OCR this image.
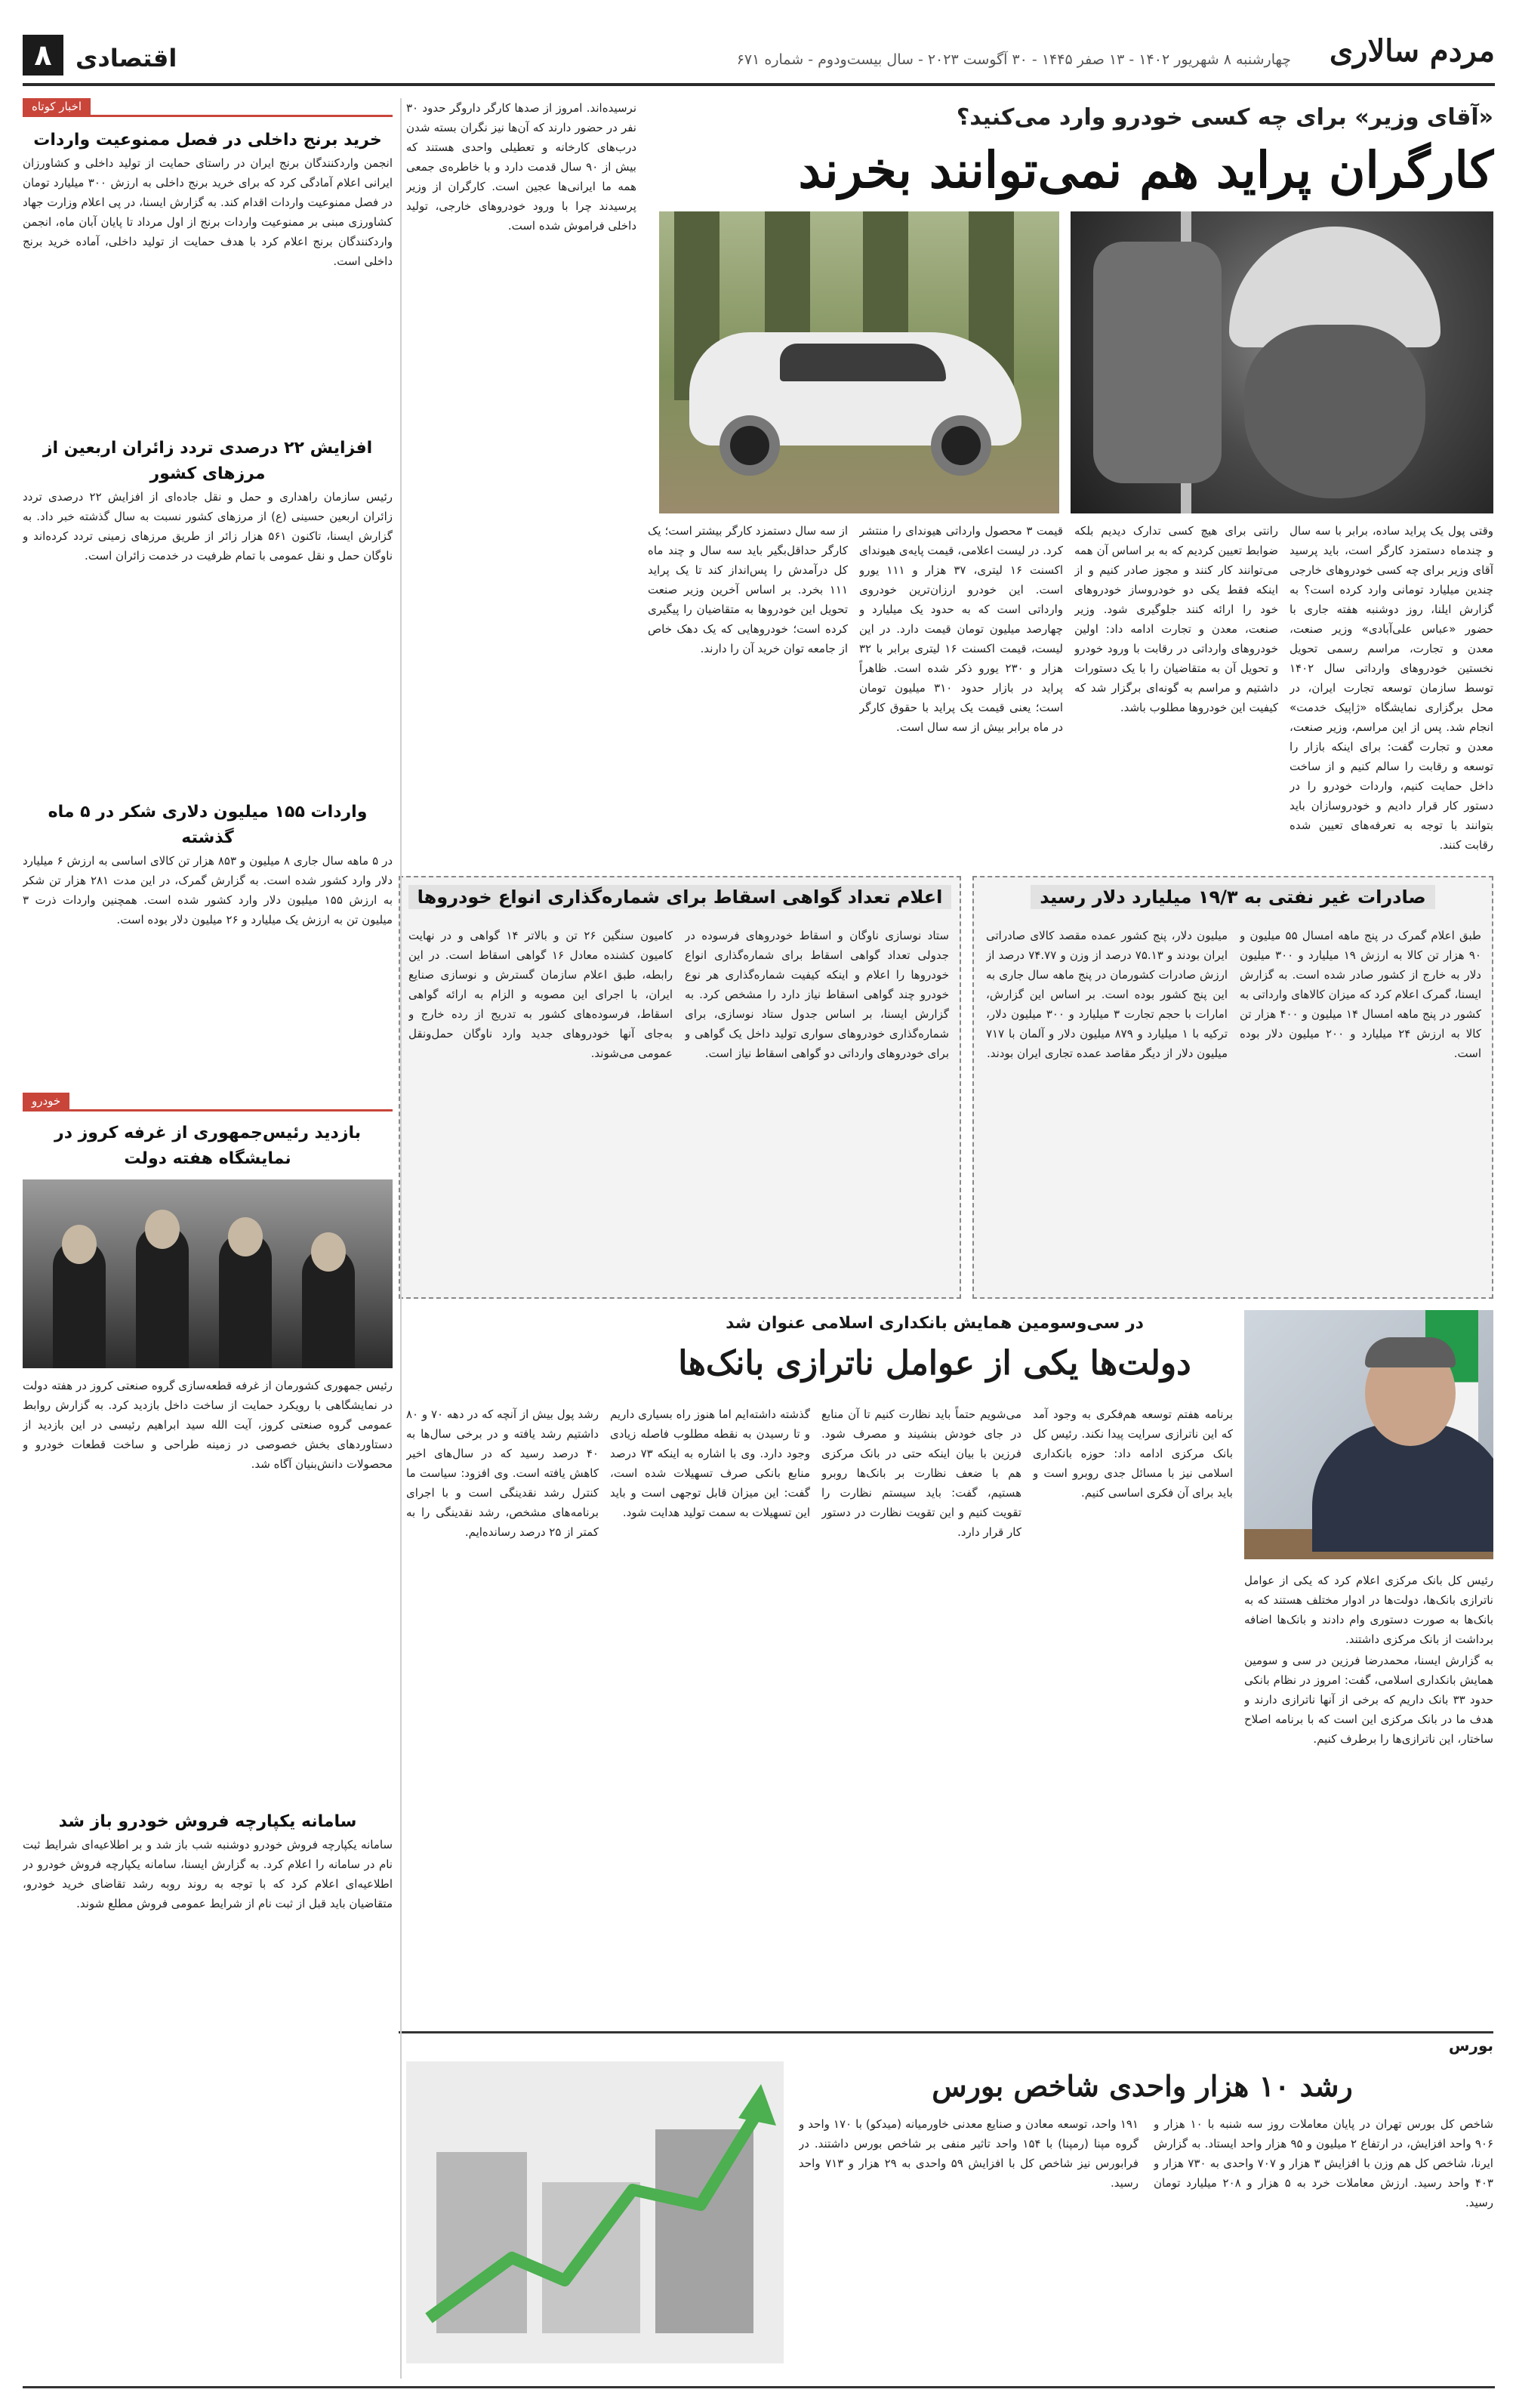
مردم سالاری
چهارشنبه ۸ شهریور ۱۴۰۲ - ۱۳ صفر ۱۴۴۵ - ۳۰ آگوست ۲۰۲۳ - سال بیست‌ودوم - شماره ۶۷۱
اقتصادی
۸
«آقای وزیر» برای چه کسی خودرو وارد می‌کنید؟
کارگران پراید هم نمی‌توانند بخرند

وقتی پول یک پراید ساده، برابر با سه سال و چندماه دستمزد کارگر است، باید پرسید آقای وزیر برای چه کسی خودروهای خارجی چندین میلیارد تومانی وارد کرده است؟ به گزارش ایلنا، روز دوشنبه هفته جاری با حضور «عباس علی‌آبادی» وزیر صنعت، معدن و تجارت، مراسم رسمی تحویل نخستین خودروهای وارداتی سال ۱۴۰۲ توسط سازمان توسعه تجارت ایران، در محل برگزاری نمایشگاه «ژاپیک خدمت» انجام شد. پس از این مراسم، وزیر صنعت، معدن و تجارت گفت: برای اینکه بازار را توسعه و رقابت را سالم کنیم و از ساخت داخل حمایت کنیم، واردات خودرو را در دستور کار قرار دادیم و خودروسازان باید بتوانند با توجه به تعرفه‌های تعیین شده رقابت کنند.

رانتی برای هیچ کسی تدارک دیدیم بلکه ضوابط تعیین کردیم که به بر اساس آن همه می‌توانند کار کنند و مجوز صادر کنیم و از اینکه فقط یکی دو خودروساز خودروهای خود را ارائه کنند جلوگیری شود. وزیر صنعت، معدن و تجارت ادامه داد: اولین خودروهای وارداتی در رقابت با ورود خودرو و تحویل آن به متقاضیان را با یک دستورات داشتیم و مراسم به گونه‌ای برگزار شد که کیفیت این خودروها مطلوب باشد.

قیمت ۳ محصول وارداتی هیوندای را منتشر کرد. در لیست اعلامی، قیمت پایه‌ی هیوندای اکسنت ۱۶ لیتری، ۳۷ هزار و ۱۱۱ یورو است. این خودرو ارزان‌ترین خودروی وارداتی است که به حدود یک میلیارد و چهارصد میلیون تومان قیمت دارد. در این لیست، قیمت اکسنت ۱۶ لیتری برابر با ۳۲ هزار و ۲۳۰ یورو ذکر شده است. ظاهراً پراید در بازار حدود ۳۱۰ میلیون تومان است؛ یعنی قیمت یک پراید با حقوق کارگر در ماه برابر بیش از سه سال است.

از سه سال دستمزد کارگر بیشتر است؛ یک کارگر حداقل‌بگیر باید سه سال و چند ماه کل درآمدش را پس‌انداز کند تا یک پراید ۱۱۱ بخرد. بر اساس آخرین وزیر صنعت تحویل این خودروها به متقاضیان را پیگیری کرده است؛ خودروهایی که یک دهک خاص از جامعه توان خرید آن را دارند.

نرسیده‌اند. امروز از صدها کارگر داروگر حدود ۳۰ نفر در حضور دارند که آن‌ها نیز نگران بسته شدن درب‌های کارخانه و تعطیلی واحدی هستند که بیش از ۹۰ سال قدمت دارد و با خاطره‌ی جمعی همه ما ایرانی‌ها عجین است. کارگران از وزیر پرسیدند چرا با ورود خودروهای خارجی، تولید داخلی فراموش شده است.

صادرات غیر نفتی به ۱۹/۳ میلیارد دلار رسید

طبق اعلام گمرک در پنج ماهه امسال ۵۵ میلیون و ۹۰ هزار تن کالا به ارزش ۱۹ میلیارد و ۳۰۰ میلیون دلار به خارج از کشور صادر شده است. به گزارش ایسنا، گمرک اعلام کرد که میزان کالاهای وارداتی به کشور در پنج ماهه امسال ۱۴ میلیون و ۴۰۰ هزار تن کالا به ارزش ۲۴ میلیارد و ۲۰۰ میلیون دلار بوده است.

میلیون دلار، پنج کشور عمده مقصد کالای صادراتی ایران بودند و ۷۵.۱۳ درصد از وزن و ۷۴.۷۷ درصد از ارزش صادرات کشورمان در پنج ماهه سال جاری به این پنج کشور بوده است. بر اساس این گزارش، امارات با حجم تجارت ۳ میلیارد و ۳۰۰ میلیون دلار، ترکیه با ۱ میلیارد و ۸۷۹ میلیون دلار و آلمان با ۷۱۷ میلیون دلار از دیگر مقاصد عمده تجاری ایران بودند.

اعلام تعداد گواهی اسقاط برای شماره‌گذاری انواع خودروها

ستاد نوسازی ناوگان و اسقاط خودروهای فرسوده در جدولی تعداد گواهی اسقاط برای شماره‌گذاری انواع خودروها را اعلام و اینکه کیفیت شماره‌گذاری هر نوع خودرو چند گواهی اسقاط نیاز دارد را مشخص کرد. به گزارش ایسنا، بر اساس جدول ستاد نوسازی، برای شماره‌گذاری خودروهای سواری تولید داخل یک گواهی و برای خودروهای وارداتی دو گواهی اسقاط نیاز است.

کامیون سنگین ۲۶ تن و بالاتر ۱۴ گواهی و در نهایت کامیون کشنده معادل ۱۶ گواهی اسقاط است. در این رابطه، طبق اعلام سازمان گسترش و نوسازی صنایع ایران، با اجرای این مصوبه و الزام به ارائه گواهی اسقاط، فرسوده‌های کشور به تدریج از رده خارج و به‌جای آنها خودروهای جدید وارد ناوگان حمل‌ونقل عمومی می‌شوند.

در سی‌وسومین همایش بانکداری اسلامی عنوان شد
دولت‌ها یکی از عوامل ناترازی بانک‌ها

رئیس کل بانک مرکزی اعلام کرد که یکی از عوامل ناترازی بانک‌ها، دولت‌ها در ادوار مختلف هستند که به بانک‌ها به صورت دستوری وام دادند و بانک‌ها اضافه برداشت از بانک مرکزی داشتند.

به گزارش ایسنا، محمدرضا فرزین در سی و سومین همایش بانکداری اسلامی، گفت: امروز در نظام بانکی حدود ۳۳ بانک داریم که برخی از آنها ناترازی دارند و هدف ما در بانک مرکزی این است که با برنامه اصلاح ساختار، این ناترازی‌ها را برطرف کنیم.

برنامه هفتم توسعه هم‌فکری به وجود آمد که این ناترازی سرایت پیدا نکند. رئیس کل بانک مرکزی ادامه داد: حوزه بانکداری اسلامی نیز با مسائل جدی روبرو است و باید برای آن فکری اساسی کنیم.

می‌شویم حتماً باید نظارت کنیم تا آن منابع در جای خودش بنشیند و مصرف شود. فرزین با بیان اینکه حتی در بانک مرکزی هم با ضعف نظارت بر بانک‌ها روبرو هستیم، گفت: باید سیستم نظارت را تقویت کنیم و این تقویت نظارت در دستور کار قرار دارد.

گذشته داشته‌ایم اما هنوز راه بسیاری داریم و تا رسیدن به نقطه مطلوب فاصله زیادی وجود دارد. وی با اشاره به اینکه ۷۳ درصد منابع بانکی صرف تسهیلات شده است، گفت: این میزان قابل توجهی است و باید این تسهیلات به سمت تولید هدایت شود.

رشد پول بیش از آنچه که در دهه ۷۰ و ۸۰ داشتیم رشد یافته و در برخی سال‌ها به ۴۰ درصد رسید که در سال‌های اخیر کاهش یافته است. وی افزود: سیاست ما کنترل رشد نقدینگی است و با اجرای برنامه‌های مشخص، رشد نقدینگی را به کمتر از ۲۵ درصد رسانده‌ایم.

بورس
رشد ۱۰ هزار واحدی شاخص بورس

شاخص کل بورس تهران در پایان معاملات روز سه شنبه با ۱۰ هزار و ۹۰۶ واحد افزایش، در ارتفاع ۲ میلیون و ۹۵ هزار واحد ایستاد. به گزارش ایرنا، شاخص کل هم وزن با افزایش ۳ هزار و ۷۰۷ واحدی به ۷۳۰ هزار و ۴۰۳ واحد رسید. ارزش معاملات خرد به ۵ هزار و ۲۰۸ میلیارد تومان رسید.

۱۹۱ واحد، توسعه معادن و صنایع معدنی خاورمیانه (میدکو) با ۱۷۰ واحد و گروه مپنا (رمپنا) با ۱۵۴ واحد تاثیر منفی بر شاخص بورس داشتند. در فرابورس نیز شاخص کل با افزایش ۵۹ واحدی به ۲۹ هزار و ۷۱۳ واحد رسید.

اخبار کوتاه
خرید برنج داخلی در فصل ممنوعیت واردات

انجمن واردکنندگان برنج ایران در راستای حمایت از تولید داخلی و کشاورزان ایرانی اعلام آمادگی کرد که برای خرید برنج داخلی به ارزش ۳۰۰ میلیارد تومان در فصل ممنوعیت واردات اقدام کند. به گزارش ایسنا، در پی اعلام وزارت جهاد کشاورزی مبنی بر ممنوعیت واردات برنج از اول مرداد تا پایان آبان ماه، انجمن واردکنندگان برنج اعلام کرد با هدف حمایت از تولید داخلی، آماده خرید برنج داخلی است.

افزایش ۲۲ درصدی تردد زائران اربعین از مرزهای کشور

رئیس سازمان راهداری و حمل و نقل جاده‌ای از افزایش ۲۲ درصدی تردد زائران اربعین حسینی (ع) از مرزهای کشور نسبت به سال گذشته خبر داد. به گزارش ایسنا، تاکنون ۵۶۱ هزار زائر از طریق مرزهای زمینی تردد کرده‌اند و ناوگان حمل و نقل عمومی با تمام ظرفیت در خدمت زائران است.

واردات ۱۵۵ میلیون دلاری شکر در ۵ ماه گذشته

در ۵ ماهه سال جاری ۸ میلیون و ۸۵۳ هزار تن کالای اساسی به ارزش ۶ میلیارد دلار وارد کشور شده است. به گزارش گمرک، در این مدت ۲۸۱ هزار تن شکر به ارزش ۱۵۵ میلیون دلار وارد کشور شده است. همچنین واردات ذرت ۳ میلیون تن به ارزش یک میلیارد و ۲۶ میلیون دلار بوده است.

خودرو
بازدید رئیس‌جمهوری از غرفه کروز در نمایشگاه هفته دولت

رئیس جمهوری کشورمان از غرفه قطعه‌سازی گروه صنعتی کروز در هفته دولت در نمایشگاهی با رویکرد حمایت از ساخت داخل بازدید کرد. به گزارش روابط عمومی گروه صنعتی کروز، آیت الله سید ابراهیم رئیسی در این بازدید از دستاوردهای بخش خصوصی در زمینه طراحی و ساخت قطعات خودرو و محصولات دانش‌بنیان آگاه شد.

سامانه یکپارچه فروش خودرو باز شد

سامانه یکپارچه فروش خودرو دوشنبه شب باز شد و بر اطلاعیه‌ای شرایط ثبت نام در سامانه را اعلام کرد. به گزارش ایسنا، سامانه یکپارچه فروش خودرو در اطلاعیه‌ای اعلام کرد که با توجه به روند روبه رشد تقاضای خرید خودرو، متقاضیان باید قبل از ثبت نام از شرایط عمومی فروش مطلع شوند.
